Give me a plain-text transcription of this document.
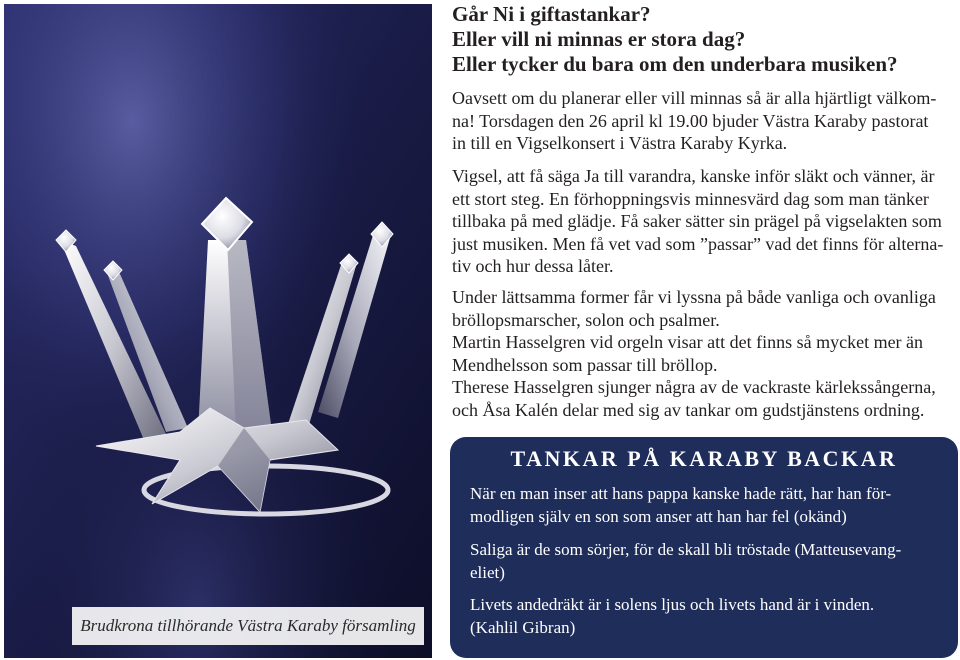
Brudkrona tillhörande Västra Karaby församling
Går Ni i giftastankar?
Eller vill ni minnas er stora dag?
Eller tycker du bara om den underbara musiken?
Oavsett om du planerar eller vill minnas så är alla hjärtligt välkom-
na! Torsdagen den 26 april kl 19.00 bjuder Västra Karaby pastorat
in till en Vigselkonsert i Västra Karaby Kyrka.
Vigsel, att få säga Ja till varandra, kanske inför släkt och vänner, är
ett stort steg. En förhoppningsvis minnesvärd dag som man tänker
tillbaka på med glädje. Få saker sätter sin prägel på vigselakten som
just musiken. Men få vet vad som ”passar” vad det finns för alterna-
tiv och hur dessa låter.
Under lättsamma former får vi lyssna på både vanliga och ovanliga
bröllopsmarscher, solon och psalmer.
Martin Hasselgren vid orgeln visar att det finns så mycket mer än
Mendhelsson som passar till bröllop.
Therese Hasselgren sjunger några av de vackraste kärlekssångerna,
och Åsa Kalén delar med sig av tankar om gudstjänstens ordning.
TANKAR PÅ KARABY BACKAR
När en man inser att hans pappa kanske hade rätt, har han för-
modligen själv en son som anser att han har fel (okänd)
Saliga är de som sörjer, för de skall bli tröstade (Matteusevang-
eliet)
Livets andedräkt är i solens ljus och livets hand är i vinden.
(Kahlil Gibran)
